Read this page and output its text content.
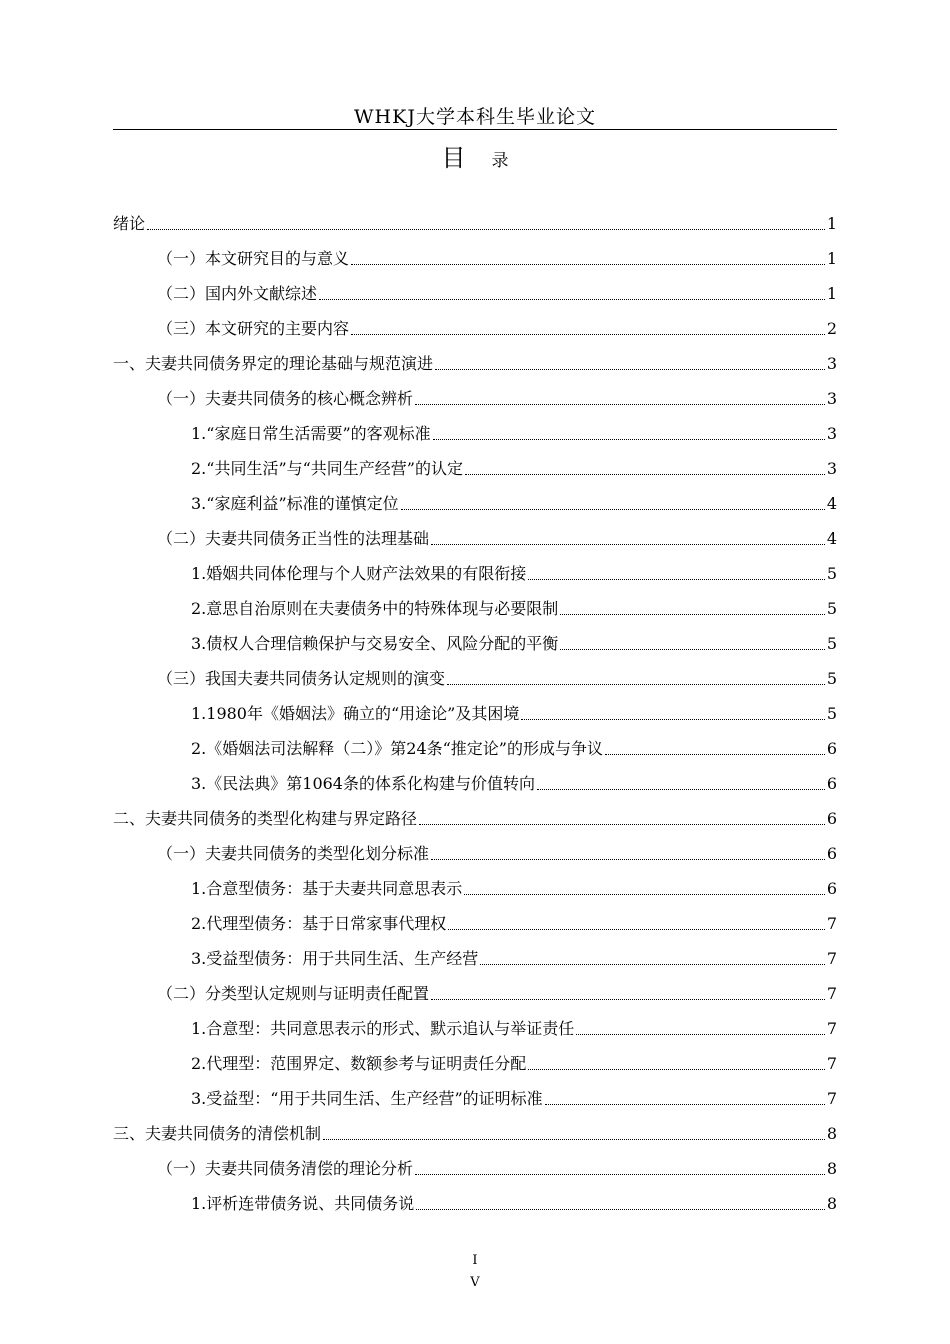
WHKJ大学本科生毕业论文
目 录
绪论	1
（一）本文研究目的与意义	1
（二）国内外文献综述	1
（三）本文研究的主要内容	2
一、夫妻共同债务界定的理论基础与规范演进	3
（一）夫妻共同债务的核心概念辨析	3
1.“家庭日常生活需要”的客观标准	3
2.“共同生活”与“共同生产经营”的认定	3
3.“家庭利益”标准的谨慎定位	4
（二）夫妻共同债务正当性的法理基础	4
1.婚姻共同体伦理与个人财产法效果的有限衔接	5
2.意思自治原则在夫妻债务中的特殊体现与必要限制	5
3.债权人合理信赖保护与交易安全、风险分配的平衡	5
（三）我国夫妻共同债务认定规则的演变	5
1.1980年《婚姻法》确立的“用途论”及其困境	5
2.《婚姻法司法解释（二）》第24条“推定论”的形成与争议	6
3.《民法典》第1064条的体系化构建与价值转向	6
二、夫妻共同债务的类型化构建与界定路径	6
（一）夫妻共同债务的类型化划分标准	6
1.合意型债务：基于夫妻共同意思表示	6
2.代理型债务：基于日常家事代理权	7
3.受益型债务：用于共同生活、生产经营	7
（二）分类型认定规则与证明责任配置	7
1.合意型：共同意思表示的形式、默示追认与举证责任	7
2.代理型：范围界定、数额参考与证明责任分配	7
3.受益型：“用于共同生活、生产经营”的证明标准	7
三、夫妻共同债务的清偿机制	8
（一）夫妻共同债务清偿的理论分析	8
1.评析连带债务说、共同债务说	8
I
V
